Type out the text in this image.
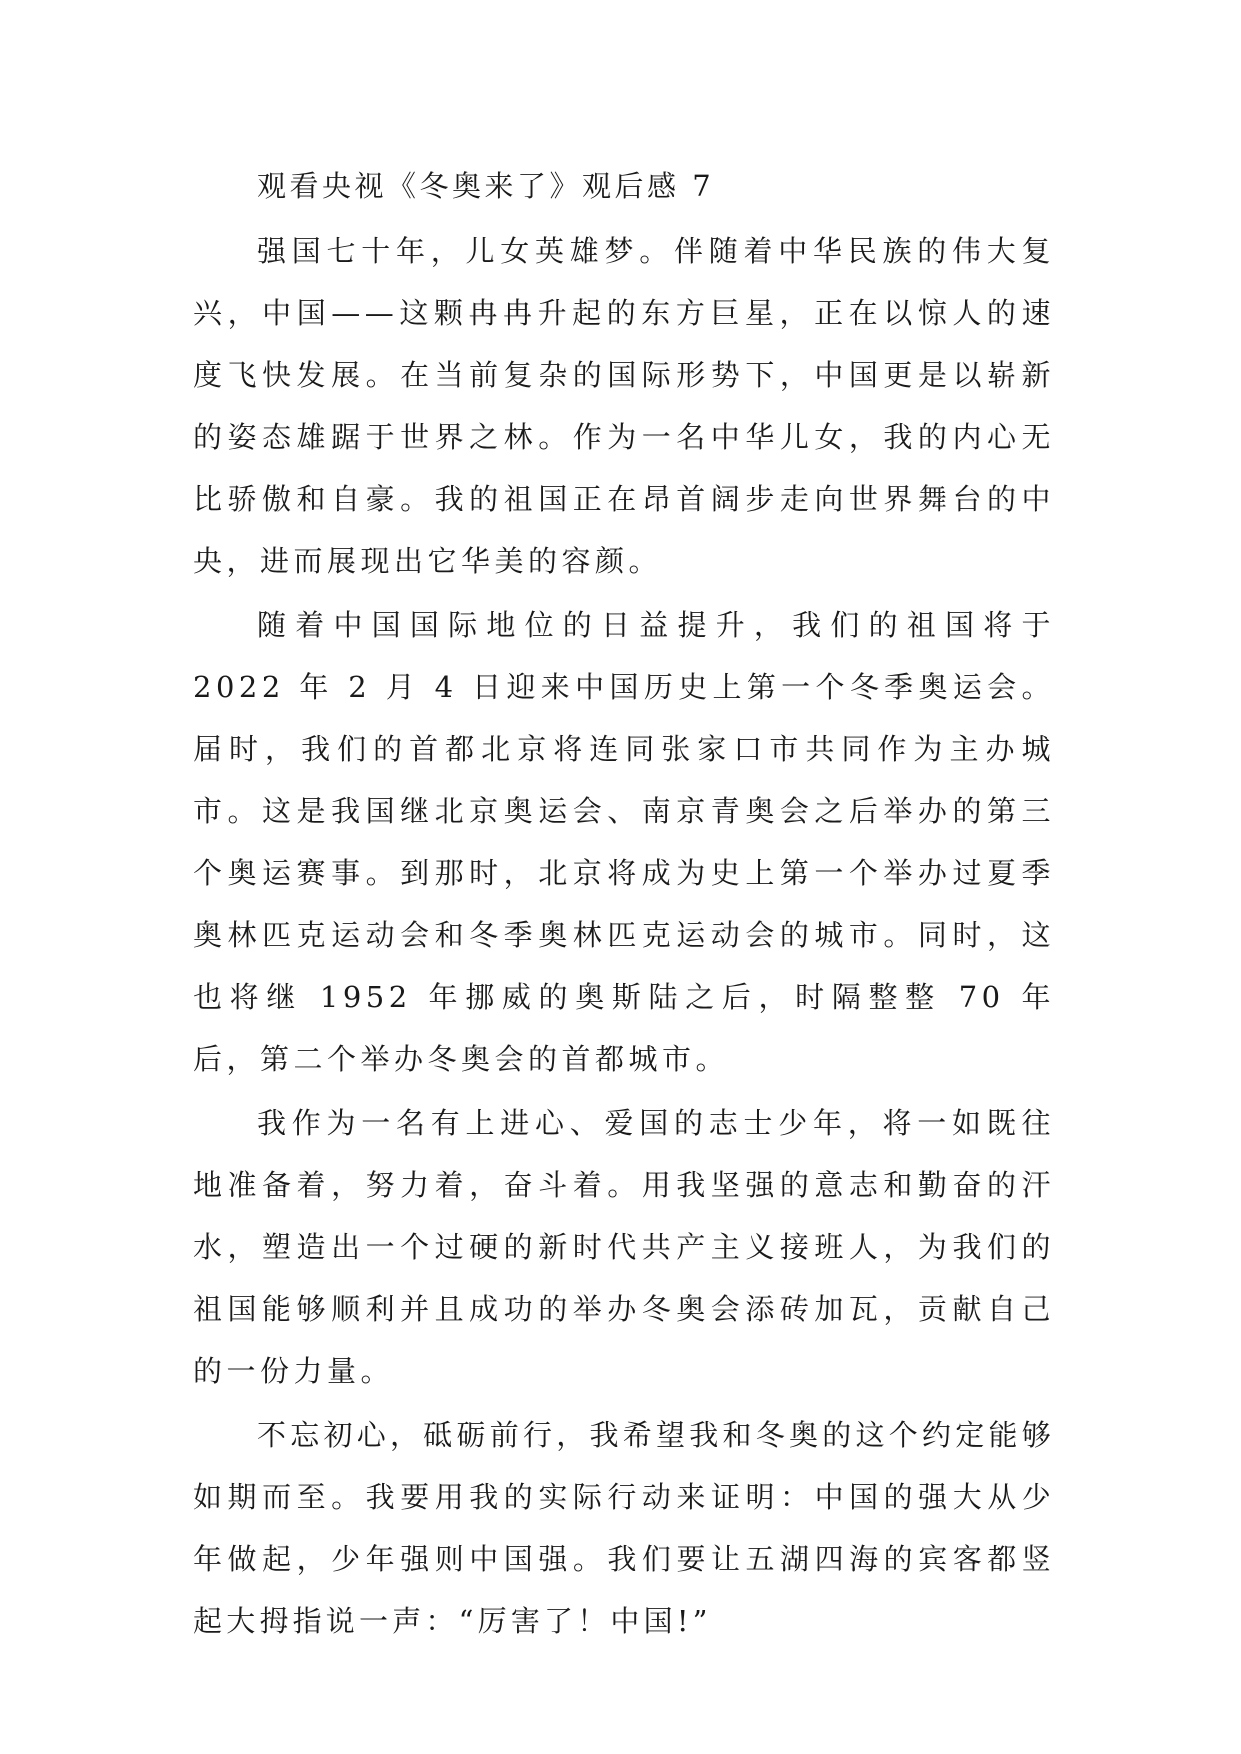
观看央视《冬奥来了》观后感 7

强国七十年，儿女英雄梦。伴随着中华民族的伟大复兴，中国——这颗冉冉升起的东方巨星，正在以惊人的速度飞快发展。在当前复杂的国际形势下，中国更是以崭新的姿态雄踞于世界之林。作为一名中华儿女，我的内心无比骄傲和自豪。我的祖国正在昂首阔步走向世界舞台的中央，进而展现出它华美的容颜。

随着中国国际地位的日益提升，我们的祖国将于 2022 年 2 月 4 日迎来中国历史上第一个冬季奥运会。届时，我们的首都北京将连同张家口市共同作为主办城市。这是我国继北京奥运会、南京青奥会之后举办的第三个奥运赛事。到那时，北京将成为史上第一个举办过夏季奥林匹克运动会和冬季奥林匹克运动会的城市。同时，这也将继 1952 年挪威的奥斯陆之后，时隔整整 70 年后，第二个举办冬奥会的首都城市。

我作为一名有上进心、爱国的志士少年，将一如既往地准备着，努力着，奋斗着。用我坚强的意志和勤奋的汗水，塑造出一个过硬的新时代共产主义接班人，为我们的祖国能够顺利并且成功的举办冬奥会添砖加瓦，贡献自己的一份力量。

不忘初心，砥砺前行，我希望我和冬奥的这个约定能够如期而至。我要用我的实际行动来证明：中国的强大从少年做起，少年强则中国强。我们要让五湖四海的宾客都竖起大拇指说一声：“厉害了！中国!”
